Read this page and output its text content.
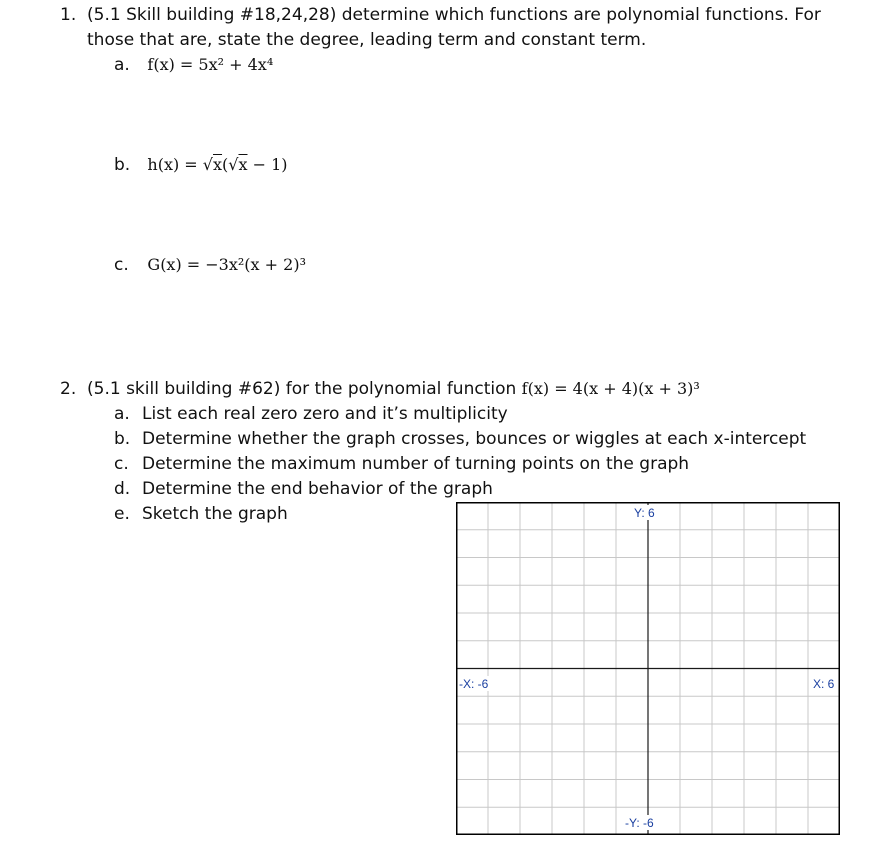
1. (5.1 Skill building #18,24,28) determine which functions are polynomial functions. For
those that are, state the degree, leading term and constant term.
a. f(x) = 5x² + 4x⁴
b. h(x) = √x(√x − 1)
c. G(x) = −3x²(x + 2)³
2. (5.1 skill building #62) for the polynomial function f(x) = 4(x + 4)(x + 3)³
a. List each real zero zero and it’s multiplicity
b. Determine whether the graph crosses, bounces or wiggles at each x-intercept
c. Determine the maximum number of turning points on the graph
d. Determine the end behavior of the graph
e. Sketch the graph	Y: 6
-X: -6	X: 6
-Y: -6
